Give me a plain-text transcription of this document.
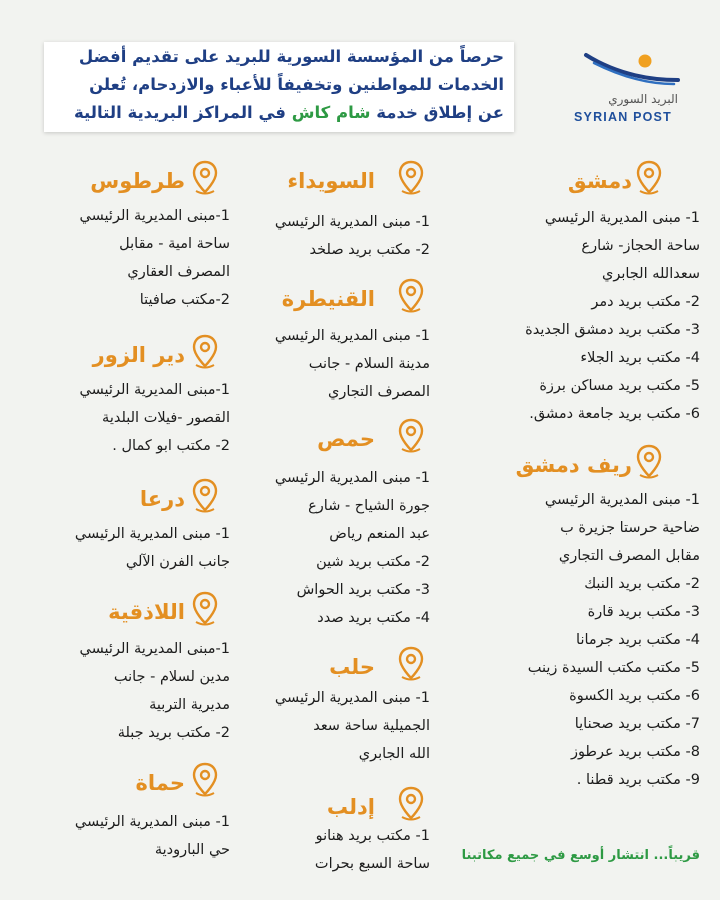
حرصاً من المؤسسة السورية للبريد على تقديم أفضل
الخدمات للمواطنين وتخفيفاً للأعباء والازدحام، تُعلن
عن إطلاق خدمة شام كاش في المراكز البريدية التالية
البريد السوري
SYRIAN POST
دمشق
1- مبنى المديرية الرئيسي
ساحة الحجاز- شارع
سعدالله الجابري
2- مكتب بريد دمر
3- مكتب بريد دمشق الجديدة
4- مكتب بريد الجلاء
5- مكتب بريد مساكن برزة
6- مكتب بريد جامعة دمشق.
ريف دمشق
1- مبنى المديرية الرئيسي
ضاحية حرستا جزيرة ب
مقابل المصرف التجاري
2- مكتب بريد النبك
3- مكتب بريد قارة
4- مكتب بريد جرمانا
5- مكتب مكتب السيدة زينب
6- مكتب بريد الكسوة
7- مكتب بريد صحنايا
8- مكتب بريد عرطوز
9- مكتب بريد قطنا .
السويداء
1- مبنى المديرية الرئيسي
2- مكتب بريد صلخد
القنيطرة
1- مبنى المديرية الرئيسي
مدينة السلام - جانب
المصرف التجاري
حمص
1- مبنى المديرية الرئيسي
جورة الشياح - شارع
عبد المنعم رياض
2- مكتب بريد شين
3- مكتب بريد الحواش
4- مكتب بريد صدد
حلب
1- مبنى المديرية الرئيسي
الجميلية ساحة سعد
الله الجابري
إدلب
1- مكتب بريد هنانو
ساحة السبع بحرات
طرطوس
1-مبنى المديرية الرئيسي
ساحة امية - مقابل
المصرف العقاري
2-مكتب صافيتا
دير الزور
1-مبنى المديرية الرئيسي
القصور -فيلات البلدية
2- مكتب ابو كمال .
درعا
1- مبنى المديرية الرئيسي
جانب الفرن الآلي
اللاذقية
1-مبنى المديرية الرئيسي
مدين لسلام - جانب
مديرية التربية
2- مكتب بريد جبلة
حماة
1- مبنى المديرية الرئيسي
حي البارودية	قريباً... انتشار أوسع في جميع مكاتبنا
